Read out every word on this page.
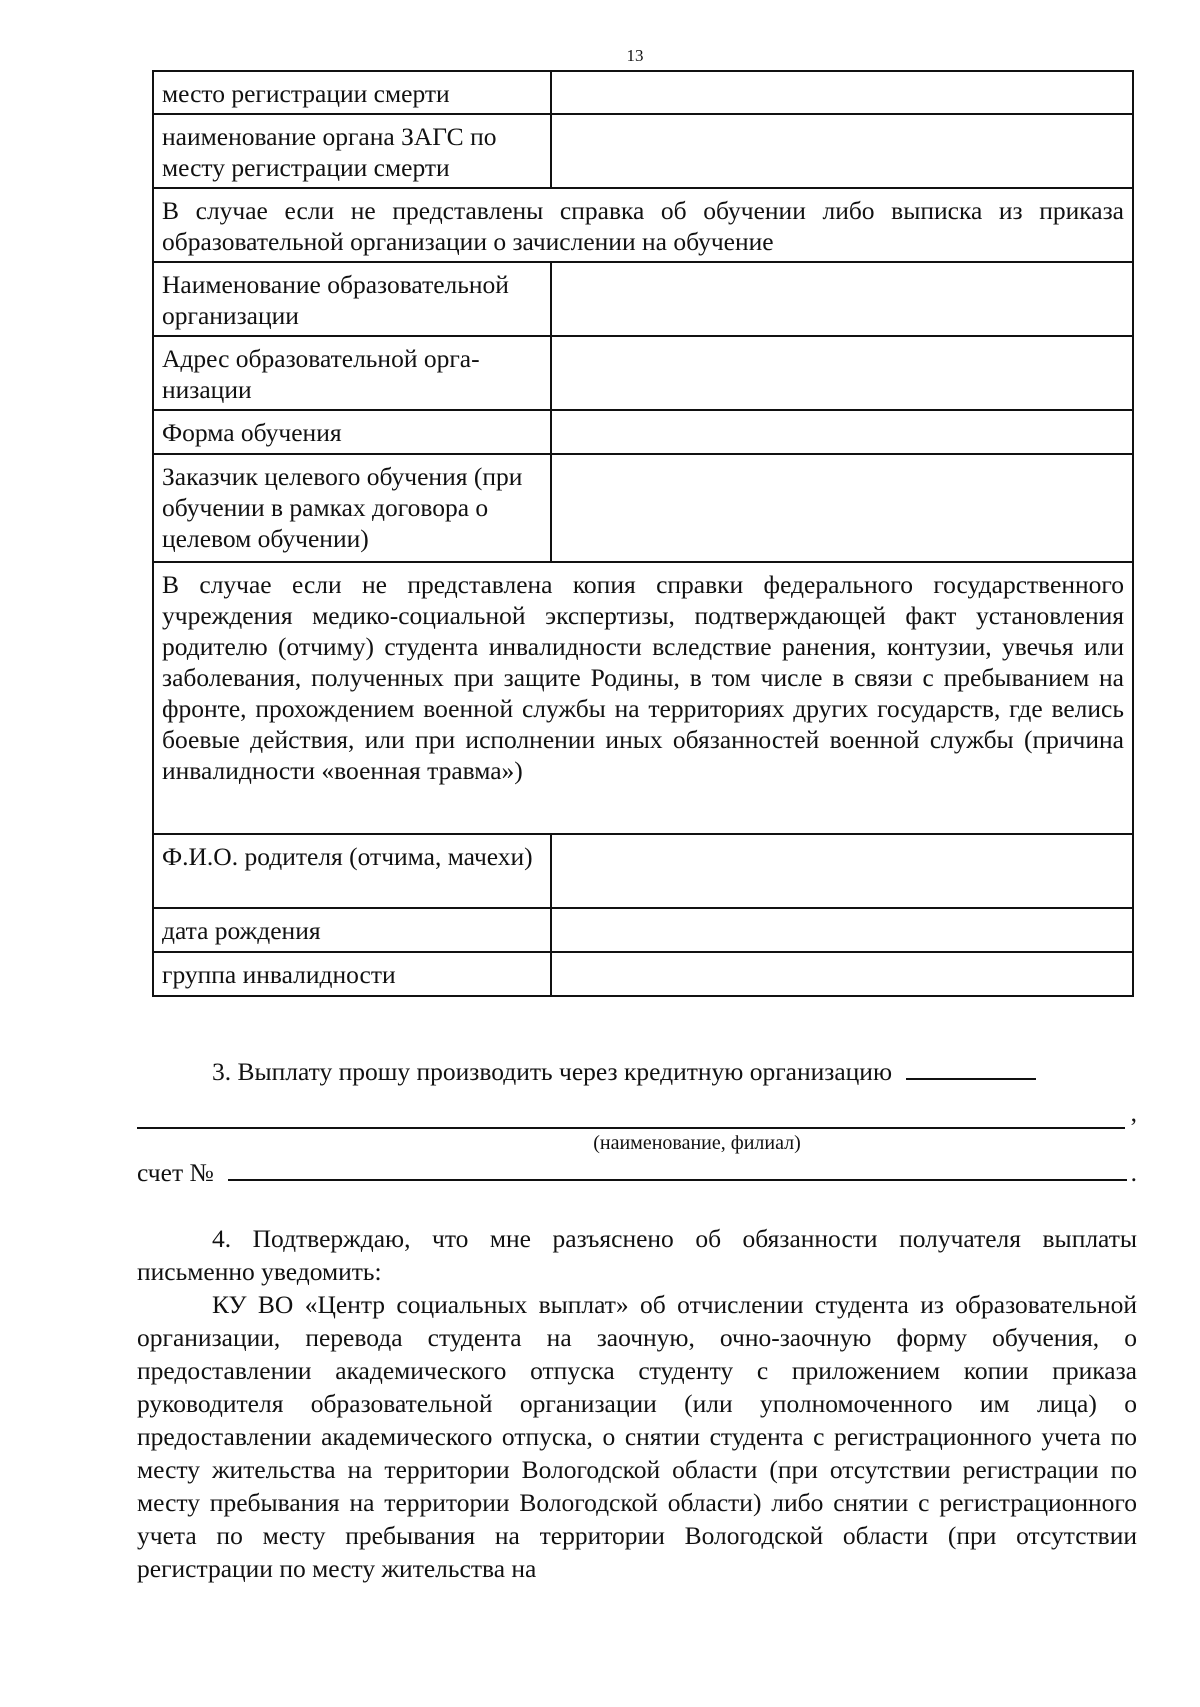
13
место регистрации смерти	
наименование органа ЗАГС по месту регистрации смерти	
В случае если не представлены справка об обучении либо выписка из приказа образовательной организации о зачислении на обучение	
Наименование образовательной организации	
Адрес образовательной организации	
Форма обучения	
Заказчик целевого обучения (при обучении в рамках договора о целевом обучении)	
В случае если не представлена копия справки федерального государственного учреждения медико-социальной экспертизы, подтверждающей факт установления родителю (отчиму) студента инвалидности вследствие ранения, контузии, увечья или заболевания, полученных при защите Родины, в том числе в связи с пребыванием на фронте, прохождением военной службы на территориях других государств, где велись боевые действия, или при исполнении иных обязанностей военной службы (причина инвалидности «военная травма»)	
Ф.И.О. родителя (отчима, мачехи)	
дата рождения	
группа инвалидности	
3. Выплату прошу производить через кредитную организацию
,
(наименование, филиал)
счет №	.

4. Подтверждаю, что мне разъяснено об обязанности получателя выплаты письменно уведомить:

КУ ВО «Центр социальных выплат» об отчислении студента из образовательной организации, перевода студента на заочную, очно-заочную форму обучения, о предоставлении академического отпуска студенту с приложением копии приказа руководителя образовательной организации (или уполномоченного им лица) о предоставлении академического отпуска, о снятии студента с регистрационного учета по месту жительства на территории Вологодской области (при отсутствии регистрации по месту пребывания на территории Вологодской области) либо снятии с регистрационного учета по месту пребывания на территории Вологодской области (при отсутствии регистрации по месту жительства на
